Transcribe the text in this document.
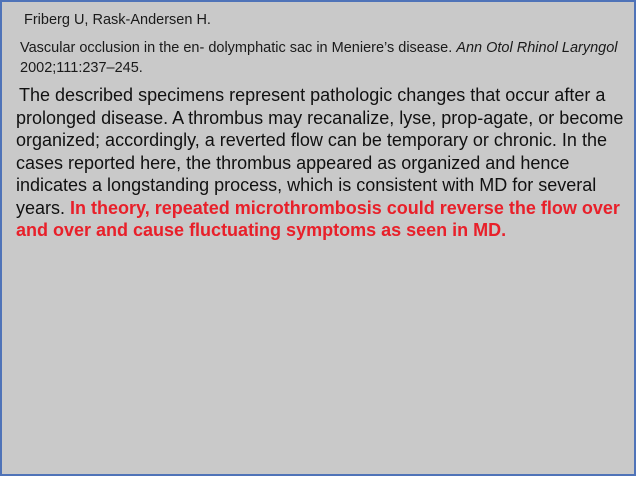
Friberg U, Rask-Andersen H.

Vascular occlusion in the en- dolymphatic sac in Meniere’s disease. Ann Otol Rhinol Laryngol 2002;111:237–245.

The described specimens represent pathologic changes that occur after a prolonged disease. A thrombus may recanalize, lyse, prop-agate, or become organized; accordingly, a reverted flow can be temporary or chronic. In the cases reported here, the thrombus appeared as organized and hence indicates a longstanding process, which is consistent with MD for several years. In theory, repeated microthrombosis could reverse the flow over and over and cause fluctuating symptoms as seen in MD.
